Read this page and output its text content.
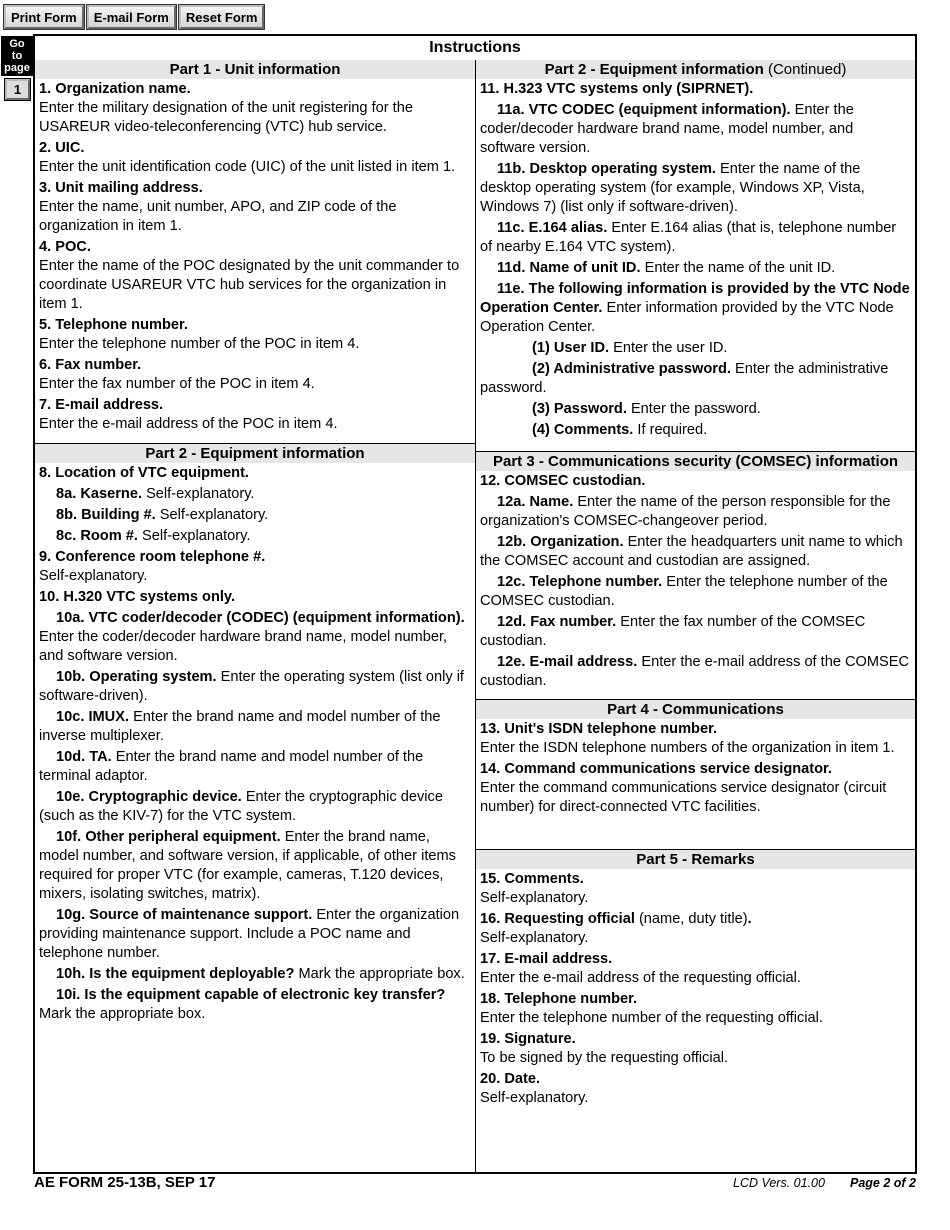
Print Form	E-mail Form	Reset Form
Go
to
page
1
Instructions
Part 1 - Unit information
1. Organization name.
Enter the military designation of the unit registering for the USAREUR video-teleconferencing (VTC) hub service.
2. UIC.
Enter the unit identification code (UIC) of the unit listed in item 1.
3. Unit mailing address.
Enter the name, unit number, APO, and ZIP code of the organization in item 1.
4. POC.
Enter the name of the POC designated by the unit commander to coordinate USAREUR VTC hub services for the organization in item 1.
5. Telephone number.
Enter the telephone number of the POC in item 4.
6. Fax number.
Enter the fax number of the POC in item 4.
7. E-mail address.
Enter the e-mail address of the POC in item 4.
Part 2 - Equipment information
8. Location of VTC equipment.
8a. Kaserne. Self-explanatory.
8b. Building #. Self-explanatory.
8c. Room #. Self-explanatory.
9. Conference room telephone #.
Self-explanatory.
10. H.320 VTC systems only.
10a. VTC coder/decoder (CODEC) (equipment information). Enter the coder/decoder hardware brand name, model number, and software version.
10b. Operating system. Enter the operating system (list only if software-driven).
10c. IMUX. Enter the brand name and model number of the inverse multiplexer.
10d. TA. Enter the brand name and model number of the terminal adaptor.
10e. Cryptographic device. Enter the cryptographic device (such as the KIV-7) for the VTC system.
10f. Other peripheral equipment. Enter the brand name, model number, and software version, if applicable, of other items required for proper VTC (for example, cameras, T.120 devices, mixers, isolating switches, matrix).
10g. Source of maintenance support. Enter the organization providing maintenance support. Include a POC name and telephone number.
10h. Is the equipment deployable? Mark the appropriate box.
10i. Is the equipment capable of electronic key transfer? Mark the appropriate box.
Part 2 - Equipment information (Continued)
11. H.323 VTC systems only (SIPRNET).
11a. VTC CODEC (equipment information). Enter the coder/decoder hardware brand name, model number, and software version.
11b. Desktop operating system. Enter the name of the desktop operating system (for example, Windows XP, Vista, Windows 7) (list only if software-driven).
11c. E.164 alias. Enter E.164 alias (that is, telephone number of nearby E.164 VTC system).
11d. Name of unit ID. Enter the name of the unit ID.
11e. The following information is provided by the VTC Node Operation Center. Enter information provided by the VTC Node Operation Center.
(1) User ID. Enter the user ID.
(2) Administrative password. Enter the administrative password.
(3) Password. Enter the password.
(4) Comments. If required.
Part 3 - Communications security (COMSEC) information
12. COMSEC custodian.
12a. Name. Enter the name of the person responsible for the organization's COMSEC-changeover period.
12b. Organization. Enter the headquarters unit name to which the COMSEC account and custodian are assigned.
12c. Telephone number. Enter the telephone number of the COMSEC custodian.
12d. Fax number. Enter the fax number of the COMSEC custodian.
12e. E-mail address. Enter the e-mail address of the COMSEC custodian.
Part 4 - Communications
13. Unit's ISDN telephone number.
Enter the ISDN telephone numbers of the organization in item 1.
14. Command communications service designator.
Enter the command communications service designator (circuit number) for direct-connected VTC facilities.
Part 5 - Remarks
15. Comments.
Self-explanatory.
16. Requesting official (name, duty title).
Self-explanatory.
17. E-mail address.
Enter the e-mail address of the requesting official.
18. Telephone number.
Enter the telephone number of the requesting official.
19. Signature.
To be signed by the requesting official.
20. Date.
Self-explanatory.
AE FORM 25-13B, SEP 17	LCD Vers. 01.00 Page 2 of 2
